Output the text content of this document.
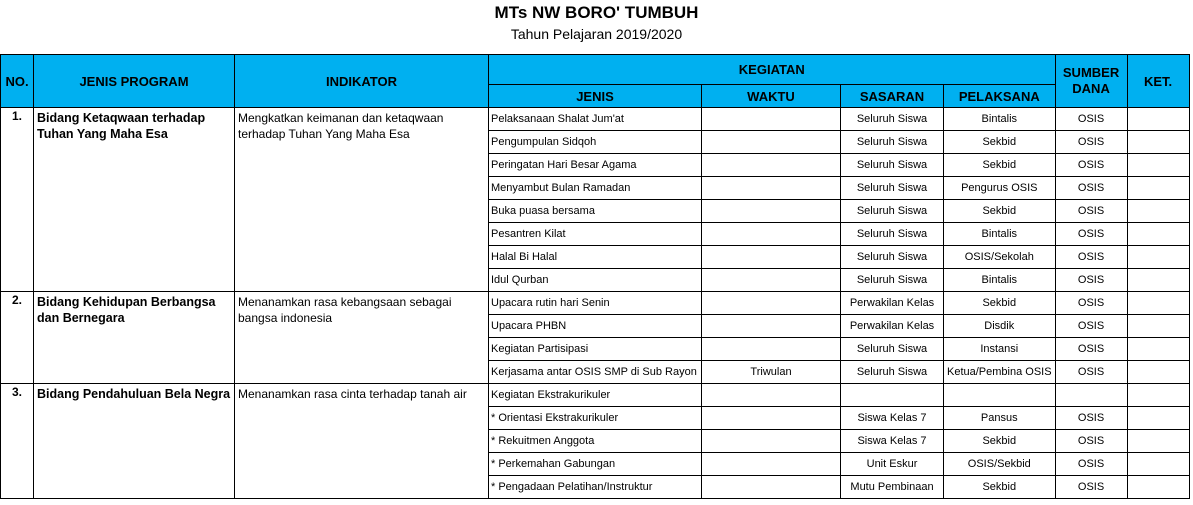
MTs NW BORO' TUMBUH
Tahun Pelajaran 2019/2020
NO.	JENIS PROGRAM	INDIKATOR	KEGIATAN				SUMBER DANA	KET.
			JENIS	WAKTU	SASARAN	PELAKSANA		
1.	Bidang Ketaqwaan terhadap Tuhan Yang Maha Esa	Mengkatkan keimanan dan ketaqwaan terhadap Tuhan Yang Maha Esa	Pelaksanaan Shalat Jum'at		Seluruh Siswa	Bintalis	OSIS	
			Pengumpulan Sidqoh		Seluruh Siswa	Sekbid	OSIS	
			Peringatan Hari Besar Agama		Seluruh Siswa	Sekbid	OSIS	
			Menyambut Bulan Ramadan		Seluruh Siswa	Pengurus OSIS	OSIS	
			Buka puasa bersama		Seluruh Siswa	Sekbid	OSIS	
			Pesantren Kilat		Seluruh Siswa	Bintalis	OSIS	
			Halal Bi Halal		Seluruh Siswa	OSIS/Sekolah	OSIS	
			Idul Qurban		Seluruh Siswa	Bintalis	OSIS	
2.	Bidang Kehidupan Berbangsa dan Bernegara	Menanamkan rasa kebangsaan sebagai bangsa indonesia	Upacara rutin hari Senin		Perwakilan Kelas	Sekbid	OSIS	
			Upacara PHBN		Perwakilan Kelas	Disdik	OSIS	
			Kegiatan Partisipasi		Seluruh Siswa	Instansi	OSIS	
			Kerjasama antar OSIS SMP di Sub Rayon	Triwulan	Seluruh Siswa	Ketua/Pembina OSIS	OSIS	
3.	Bidang Pendahuluan Bela Negra	Menanamkan rasa cinta terhadap tanah air	Kegiatan Ekstrakurikuler					
			* Orientasi Ekstrakurikuler		Siswa Kelas 7	Pansus	OSIS	
			* Rekuitmen Anggota		Siswa Kelas 7	Sekbid	OSIS	
			* Perkemahan Gabungan		Unit Eskur	OSIS/Sekbid	OSIS	
			* Pengadaan Pelatihan/Instruktur		Mutu Pembinaan	Sekbid	OSIS	
